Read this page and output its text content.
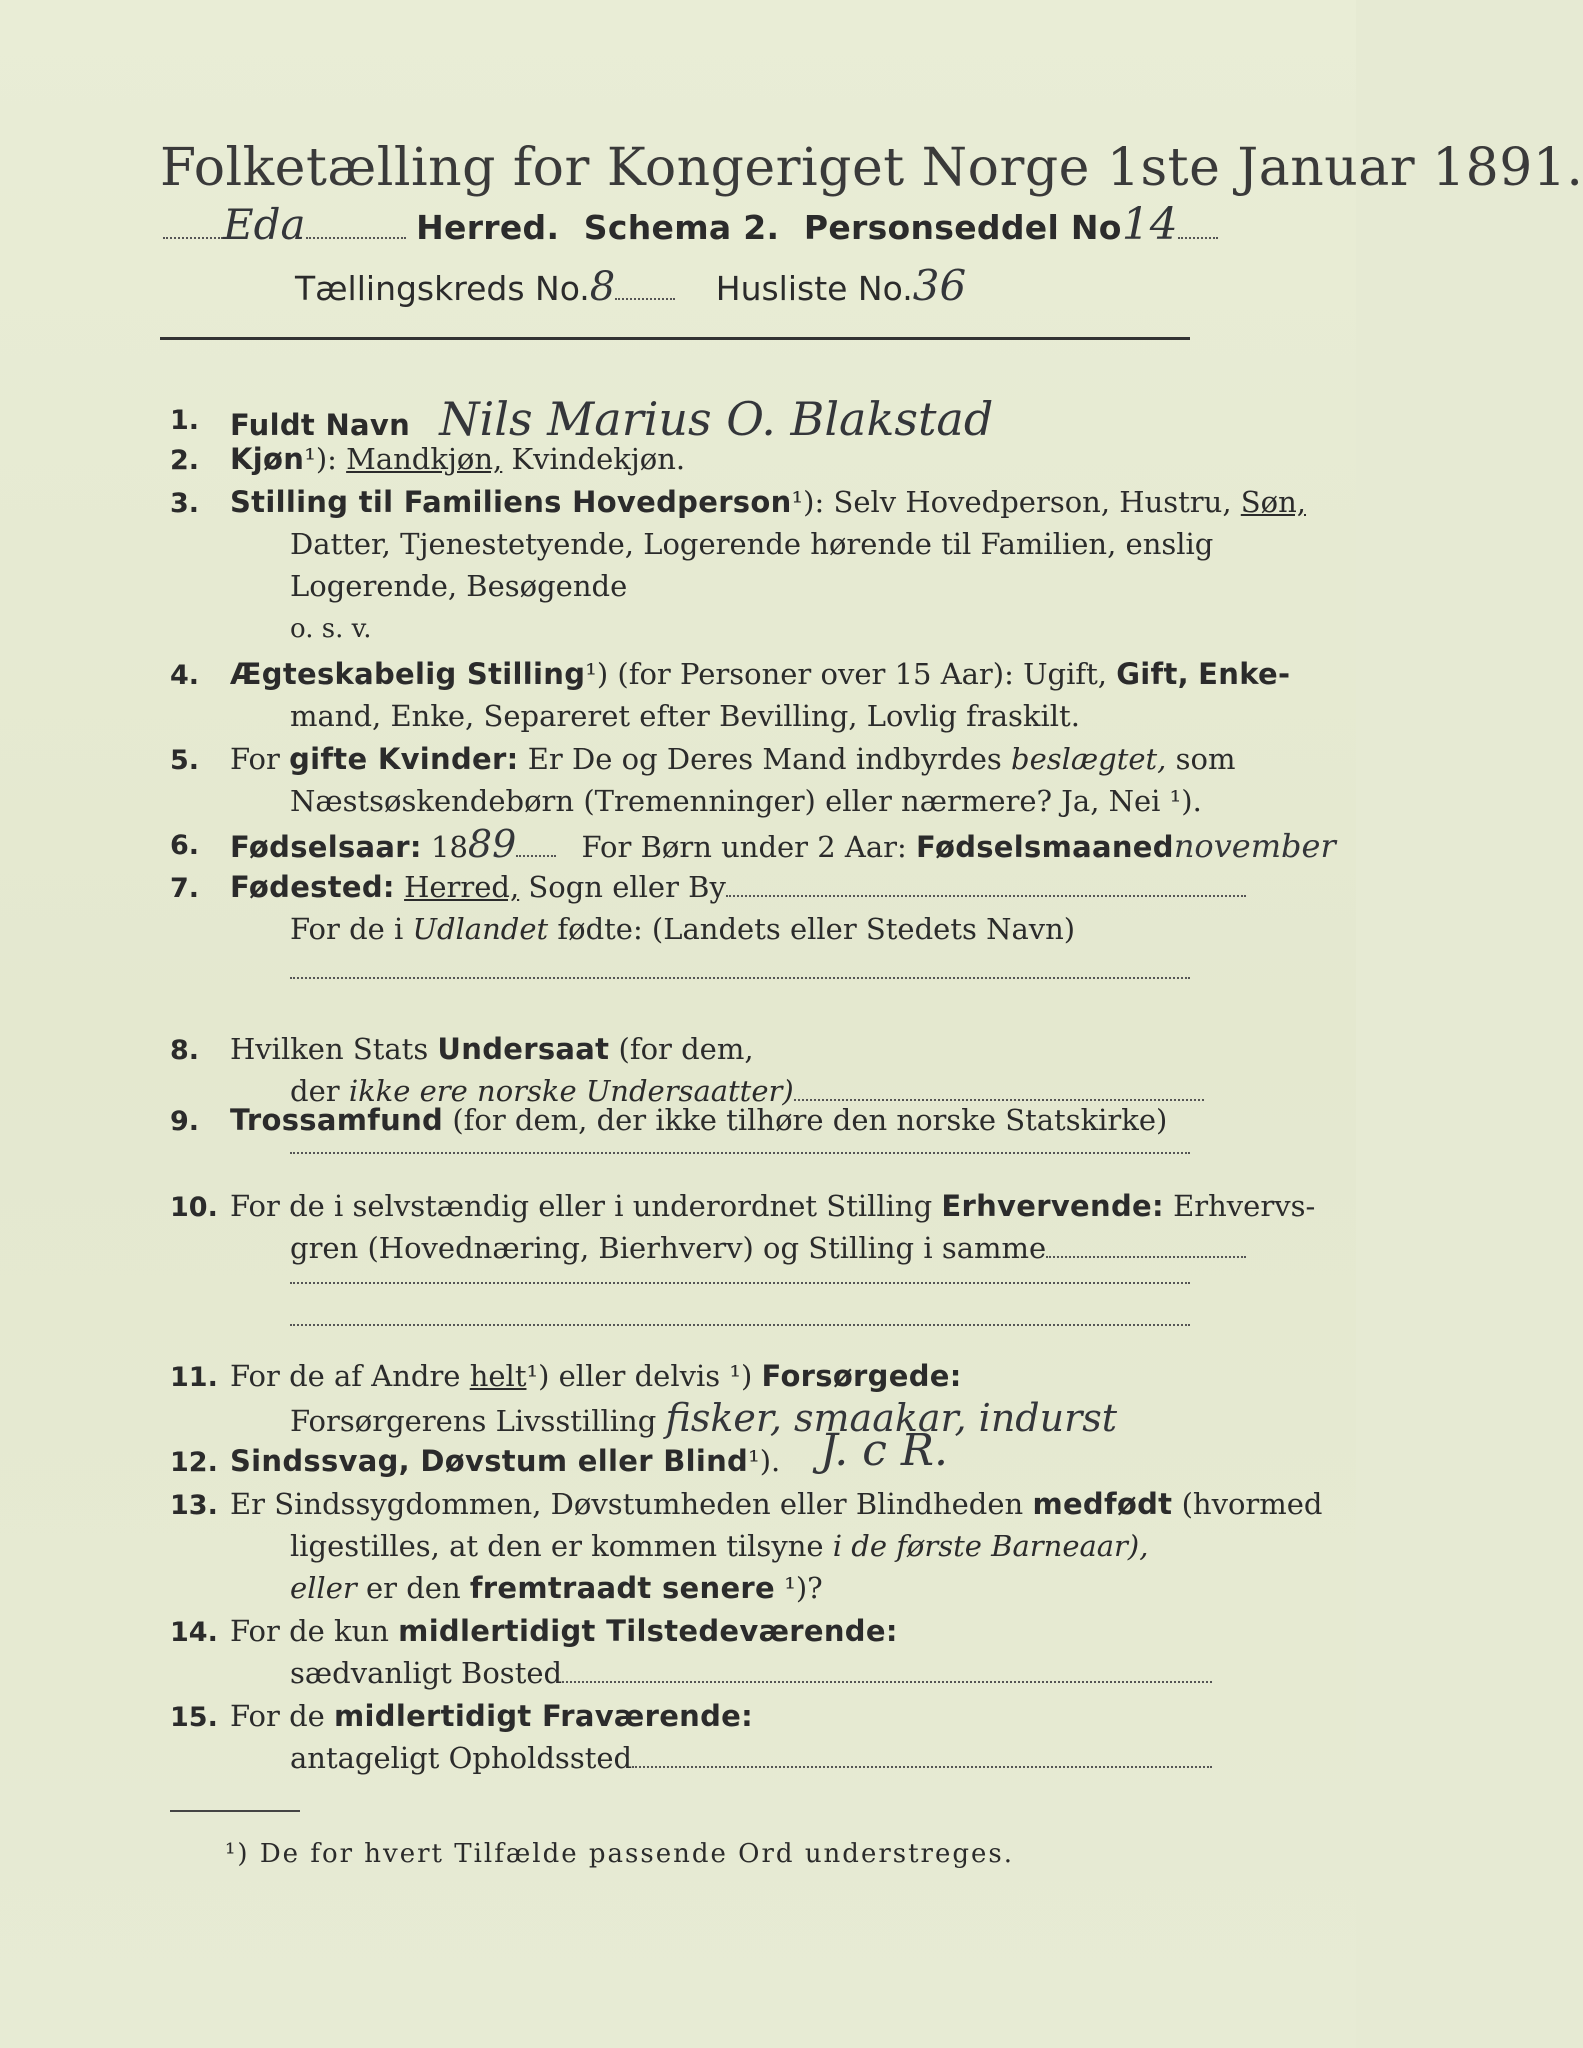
Folketælling for Kongeriget Norge 1ste Januar 1891.
Eda	Herred. Schema 2. Personseddel No14
Tællingskreds No.8	Husliste No.36
1. Fuldt Navn Nils Marius O. Blakstad
2. Kjøn¹): Mandkjøn, Kvindekjøn.
3. Stilling til Familiens Hovedperson¹): Selv Hovedperson, Hustru, Søn,
Datter, Tjenestetyende, Logerende hørende til Familien, enslig
Logerende, Besøgende
o. s. v.
4. Ægteskabelig Stilling¹) (for Personer over 15 Aar): Ugift, Gift, Enke-
mand, Enke, Separeret efter Bevilling, Lovlig fraskilt.
5. For gifte Kvinder: Er De og Deres Mand indbyrdes beslægtet, som
Næstsøskendebørn (Tremenninger) eller nærmere? Ja, Nei ¹).
6. Fødselsaar: 1889 For Børn under 2 Aar: Fødselsmaanednovember
7. Fødested: Herred, Sogn eller By
For de i Udlandet fødte: (Landets eller Stedets Navn)
8. Hvilken Stats Undersaat (for dem,
der ikke ere norske Undersaatter)
9. Trossamfund (for dem, der ikke tilhøre den norske Statskirke)
10. For de i selvstændig eller i underordnet Stilling Erhvervende: Erhvervs-
gren (Hovednæring, Bierhverv) og Stilling i samme
11. For de af Andre helt¹) eller delvis ¹) Forsørgede:
Forsørgerens Livsstilling fisker, smaakar, indurst
12. Sindssvag, Døvstum eller Blind¹). J. c R.
13. Er Sindssygdommen, Døvstumheden eller Blindheden medfødt (hvormed
ligestilles, at den er kommen tilsyne i de første Barneaar),
eller er den fremtraadt senere ¹)?
14. For de kun midlertidigt Tilstedeværende:
sædvanligt Bosted
15. For de midlertidigt Fraværende:
antageligt Opholdssted
¹) De for hvert Tilfælde passende Ord understreges.
